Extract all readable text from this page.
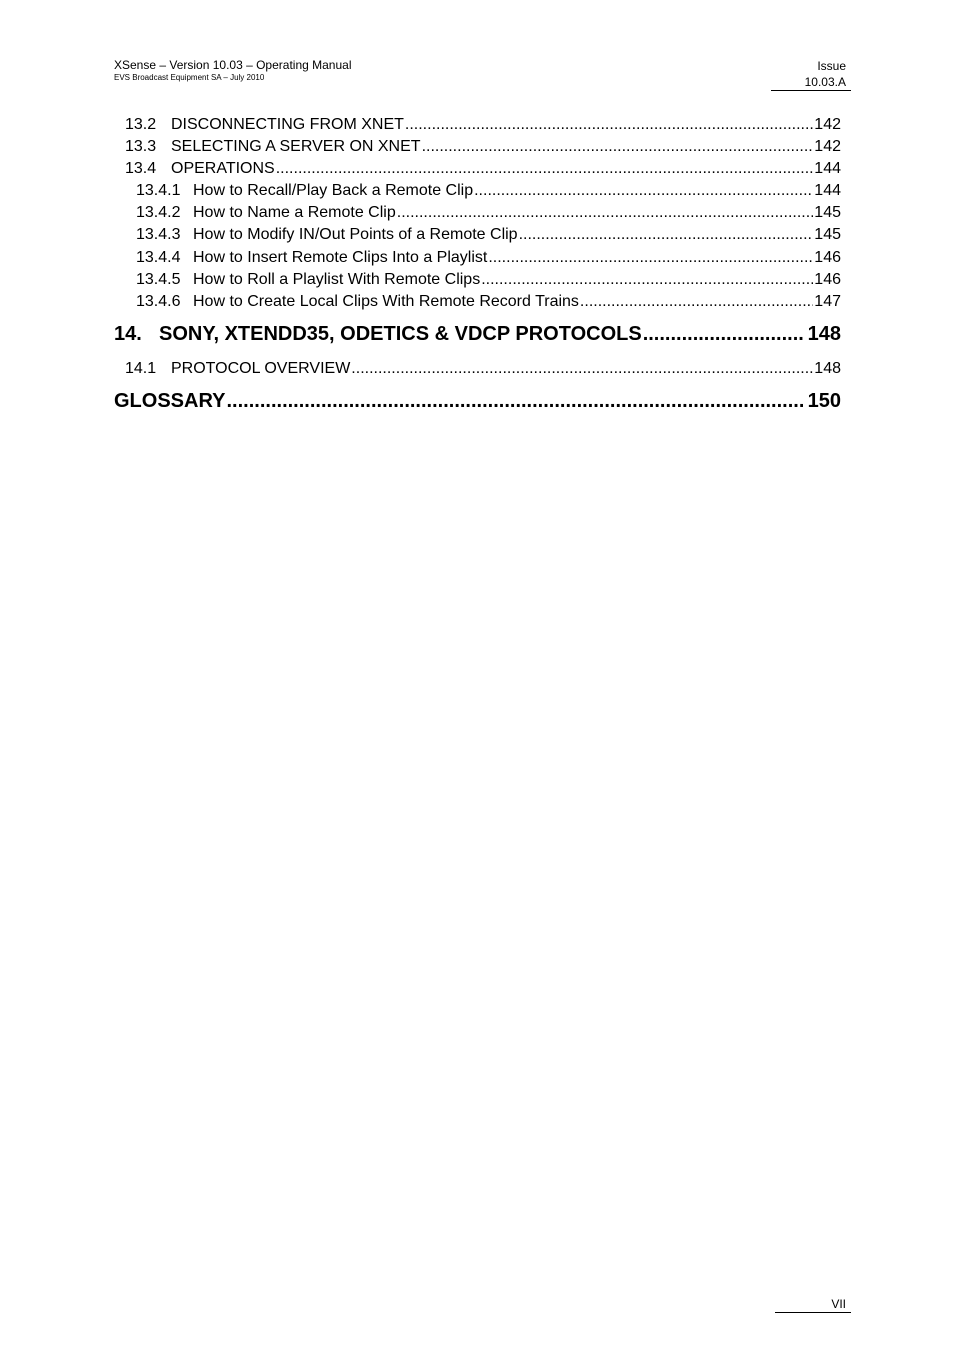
XSense – Version 10.03 – Operating Manual
EVS Broadcast Equipment SA – July 2010
Issue
10.03.A
13.2 DISCONNECTING FROM XNET .....	142
13.3 SELECTING A SERVER ON XNET .....	142
13.4 OPERATIONS .....	144
13.4.1 How to Recall/Play Back a Remote Clip .....	144
13.4.2 How to Name a Remote Clip .....	145
13.4.3 How to Modify IN/Out Points of a Remote Clip .....	145
13.4.4 How to Insert Remote Clips Into a Playlist .....	146
13.4.5 How to Roll a Playlist With Remote Clips .....	146
13.4.6 How to Create Local Clips With Remote Record Trains .....	147
14. SONY, XTENDD35, ODETICS & VDCP PROTOCOLS .....	148
14.1 PROTOCOL OVERVIEW .....	148
GLOSSARY .....	150
VII
